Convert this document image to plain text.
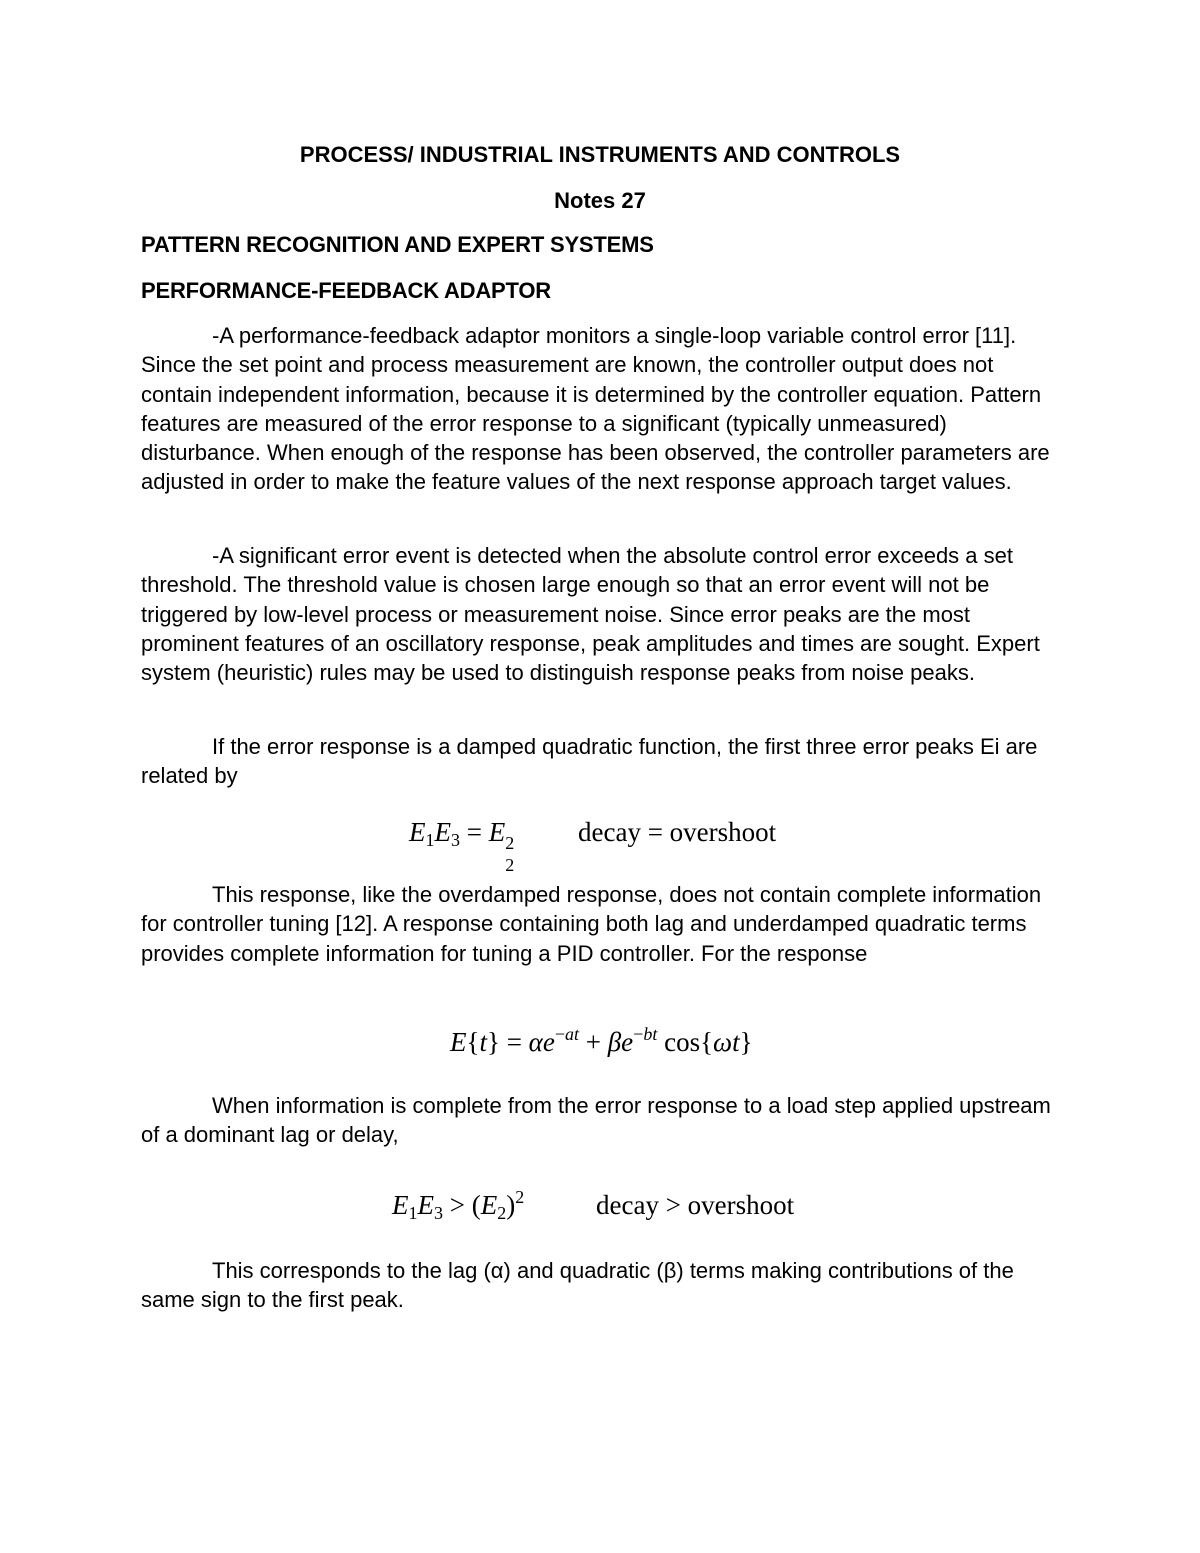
PROCESS/ INDUSTRIAL INSTRUMENTS AND CONTROLS
Notes 27
PATTERN RECOGNITION AND EXPERT SYSTEMS
PERFORMANCE-FEEDBACK ADAPTOR

-A performance-feedback adaptor monitors a single-loop variable control error [11]. Since the set point and process measurement are known, the controller output does not contain independent information, because it is determined by the controller equation. Pattern features are measured of the error response to a significant (typically unmeasured) disturbance. When enough of the response has been observed, the controller parameters are adjusted in order to make the feature values of the next response approach target values.

-A significant error event is detected when the absolute control error exceeds a set threshold. The threshold value is chosen large enough so that an error event will not be triggered by low-level process or measurement noise. Since error peaks are the most prominent features of an oscillatory response, peak amplitudes and times are sought. Expert system (heuristic) rules may be used to distinguish response peaks from noise peaks.

If the error response is a damped quadratic function, the first three error peaks Ei are related by

$E_1E_3 = E$ 2
2
decay = overshoot

This response, like the overdamped response, does not contain complete information for controller tuning [12]. A response containing both lag and underdamped quadratic terms provides complete information for tuning a PID controller. For the response

$E\{t\} = \alpha e^{-at} + \beta e^{-bt}$ cos{ωt}

When information is complete from the error response to a load step applied upstream of a dominant lag or delay,

$E_1E_3 > (E_2)^2$	decay > overshoot

This corresponds to the lag (α) and quadratic (β) terms making contributions of the same sign to the first peak.
